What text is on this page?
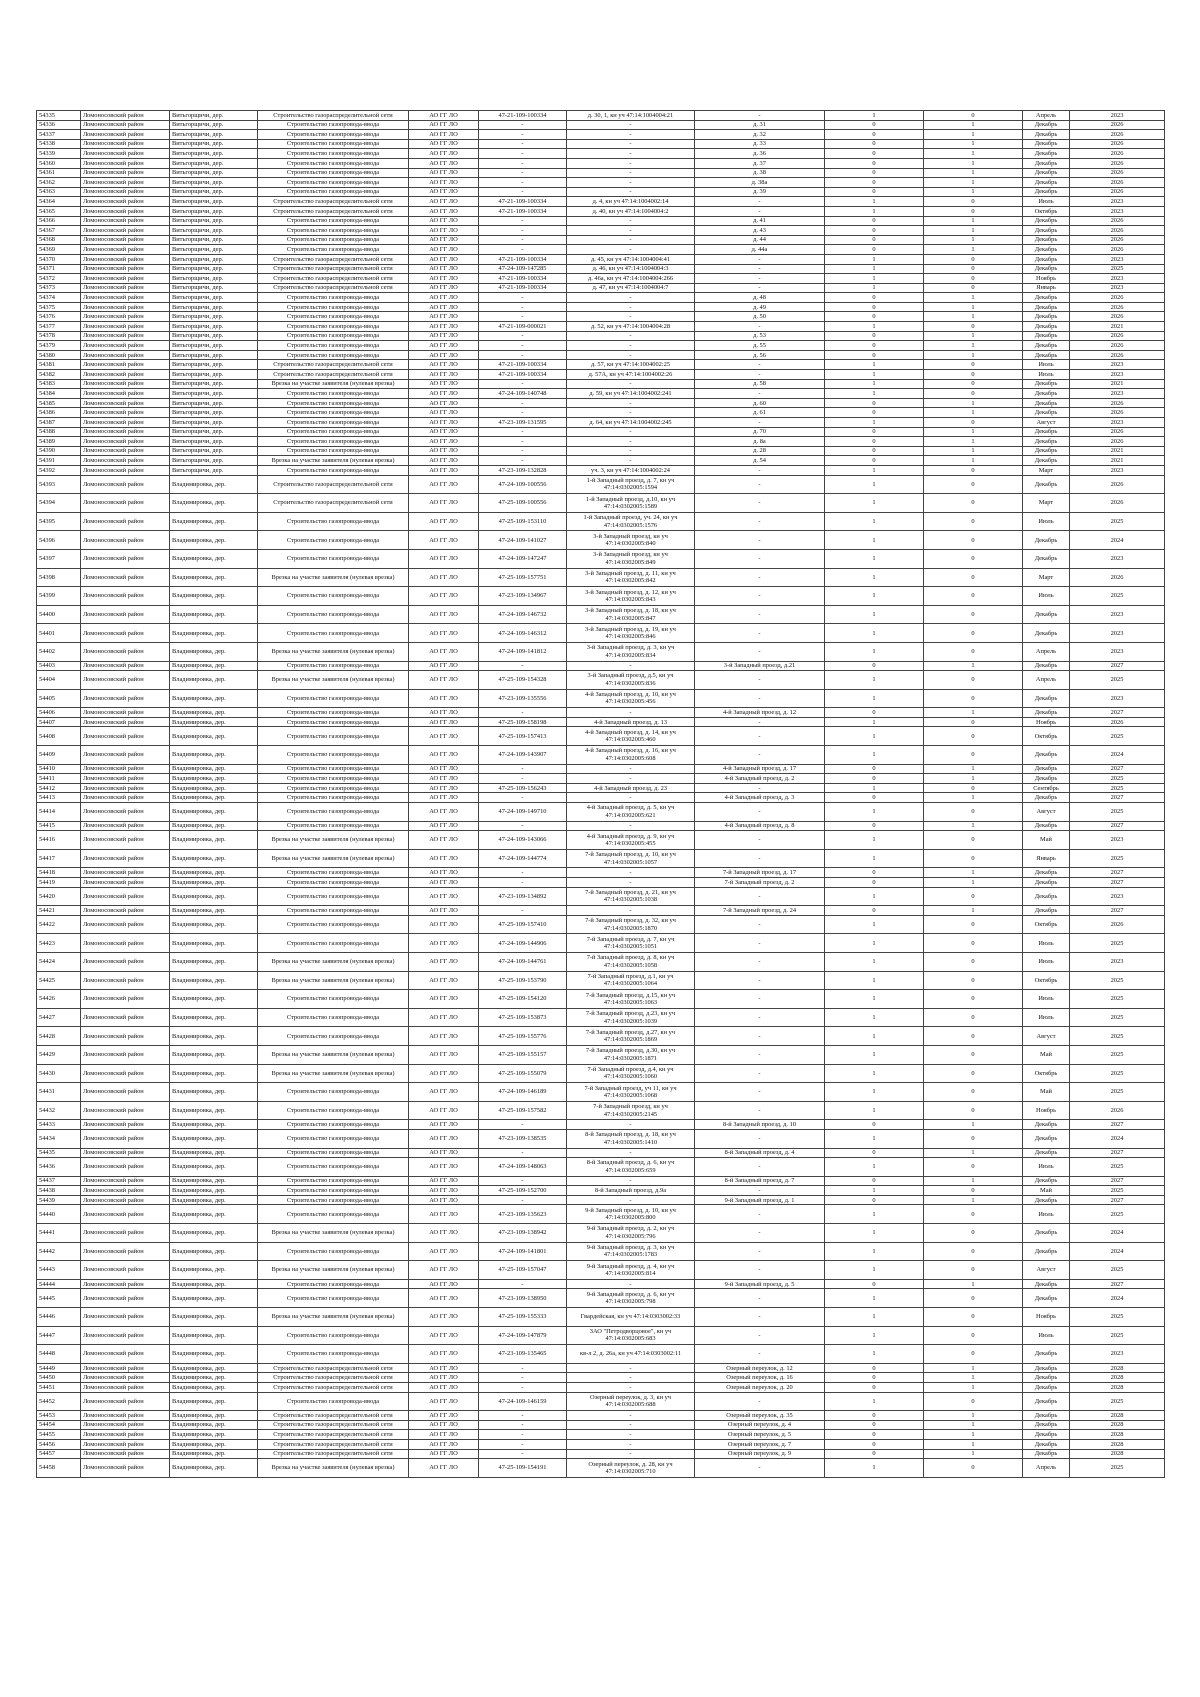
54335	Ломоносовский район	Витьгорщичи, дер.	Строительство газораспределительной сети	АО ГГ ЛО	47-21-109-100334	д. 30, 1, кн уч 47:14:1004004:21	-	1	0	Апрель	2023
54336	Ломоносовский район	Витьгорщичи, дер.	Строительство газопровода-ввода	АО ГГ ЛО	-	-	д. 31	0	1	Декабрь	2026
54337	Ломоносовский район	Витьгорщичи, дер.	Строительство газопровода-ввода	АО ГГ ЛО	-	-	д. 32	0	1	Декабрь	2026
54338	Ломоносовский район	Витьгорщичи, дер.	Строительство газопровода-ввода	АО ГГ ЛО	-	-	д. 33	0	1	Декабрь	2026
54339	Ломоносовский район	Витьгорщичи, дер.	Строительство газопровода-ввода	АО ГГ ЛО	-	-	д. 36	0	1	Декабрь	2026
54360	Ломоносовский район	Витьгорщичи, дер.	Строительство газопровода-ввода	АО ГГ ЛО	-	-	д. 37	0	1	Декабрь	2026
54361	Ломоносовский район	Витьгорщичи, дер.	Строительство газопровода-ввода	АО ГГ ЛО	-	-	д. 38	0	1	Декабрь	2026
54362	Ломоносовский район	Витьгорщичи, дер.	Строительство газопровода-ввода	АО ГГ ЛО	-	-	д. 38а	0	1	Декабрь	2026
54363	Ломоносовский район	Витьгорщичи, дер.	Строительство газопровода-ввода	АО ГГ ЛО	-	-	д. 39	0	1	Декабрь	2026
54364	Ломоносовский район	Витьгорщичи, дер.	Строительство газораспределительной сети	АО ГГ ЛО	47-21-109-100334	д. 4, кн уч 47:14:1004002:14	-	1	0	Июль	2023
54365	Ломоносовский район	Витьгорщичи, дер.	Строительство газораспределительной сети	АО ГГ ЛО	47-21-109-100334	д. 40, кн уч 47:14:1004004:2	-	1	0	Октябрь	2023
54366	Ломоносовский район	Витьгорщичи, дер.	Строительство газопровода-ввода	АО ГГ ЛО	-	-	д. 41	0	1	Декабрь	2026
54367	Ломоносовский район	Витьгорщичи, дер.	Строительство газопровода-ввода	АО ГГ ЛО	-	-	д. 43	0	1	Декабрь	2026
54368	Ломоносовский район	Витьгорщичи, дер.	Строительство газопровода-ввода	АО ГГ ЛО	-	-	д. 44	0	1	Декабрь	2026
54369	Ломоносовский район	Витьгорщичи, дер.	Строительство газопровода-ввода	АО ГГ ЛО	-	-	д. 44а	0	1	Декабрь	2026
54370	Ломоносовский район	Витьгорщичи, дер.	Строительство газораспределительной сети	АО ГГ ЛО	47-21-109-100334	д. 45, кн уч 47:14:1004004:41	-	1	0	Декабрь	2023
54371	Ломоносовский район	Витьгорщичи, дер.	Строительство газораспределительной сети	АО ГГ ЛО	47-24-109-147285	д. 46, кн уч 47:14:1004004:3	-	1	0	Декабрь	2025
54372	Ломоносовский район	Витьгорщичи, дер.	Строительство газораспределительной сети	АО ГГ ЛО	47-21-109-100334	д. 46а, кн уч 47:14:1004004:266	-	1	0	Ноябрь	2023
54373	Ломоносовский район	Витьгорщичи, дер.	Строительство газораспределительной сети	АО ГГ ЛО	47-21-109-100334	д. 47, кн уч 47:14:1004004:7	-	1	0	Январь	2023
54374	Ломоносовский район	Витьгорщичи, дер.	Строительство газопровода-ввода	АО ГГ ЛО	-	-	д. 48	0	1	Декабрь	2026
54375	Ломоносовский район	Витьгорщичи, дер.	Строительство газопровода-ввода	АО ГГ ЛО	-	-	д. 49	0	1	Декабрь	2026
54376	Ломоносовский район	Витьгорщичи, дер.	Строительство газопровода-ввода	АО ГГ ЛО	-	-	д. 50	0	1	Декабрь	2026
54377	Ломоносовский район	Витьгорщичи, дер.	Строительство газопровода-ввода	АО ГГ ЛО	47-21-109-000021	д. 52, кн уч 47:14:1004004:28	-	1	0	Декабрь	2021
54378	Ломоносовский район	Витьгорщичи, дер.	Строительство газопровода-ввода	АО ГГ ЛО	-	-	д. 53	0	1	Декабрь	2026
54379	Ломоносовский район	Витьгорщичи, дер.	Строительство газопровода-ввода	АО ГГ ЛО	-	-	д. 55	0	1	Декабрь	2026
54380	Ломоносовский район	Витьгорщичи, дер.	Строительство газопровода-ввода	АО ГГ ЛО	-	-	д. 56	0	1	Декабрь	2026
54381	Ломоносовский район	Витьгорщичи, дер.	Строительство газораспределительной сети	АО ГГ ЛО	47-21-109-100334	д. 57, кн уч 47:14:1004002:25	-	1	0	Июль	2023
54382	Ломоносовский район	Витьгорщичи, дер.	Строительство газораспределительной сети	АО ГГ ЛО	47-21-109-100334	д. 57А, кн уч 47:14:1004002:26	-	1	0	Июль	2023
54383	Ломоносовский район	Витьгорщичи, дер.	Врезка на участке заявителя (нулевая врезка)	АО ГГ ЛО	-	-	д. 58	1	0	Декабрь	2021
54384	Ломоносовский район	Витьгорщичи, дер.	Строительство газопровода-ввода	АО ГГ ЛО	47-24-109-140748	д. 59, кн уч 47:14:1004002:241	-	1	0	Декабрь	2023
54385	Ломоносовский район	Витьгорщичи, дер.	Строительство газопровода-ввода	АО ГГ ЛО	-	-	д. 60	0	1	Декабрь	2026
54386	Ломоносовский район	Витьгорщичи, дер.	Строительство газопровода-ввода	АО ГГ ЛО	-	-	д. 61	0	1	Декабрь	2026
54387	Ломоносовский район	Витьгорщичи, дер.	Строительство газопровода-ввода	АО ГГ ЛО	47-23-109-131595	д. 64, кн уч 47:14:1004002:245	-	1	0	Август	2023
54388	Ломоносовский район	Витьгорщичи, дер.	Строительство газопровода-ввода	АО ГГ ЛО	-	-	д. 70	0	1	Декабрь	2026
54389	Ломоносовский район	Витьгорщичи, дер.	Строительство газопровода-ввода	АО ГГ ЛО	-	-	д. 8а	0	1	Декабрь	2026
54390	Ломоносовский район	Витьгорщичи, дер.	Строительство газопровода-ввода	АО ГГ ЛО	-	-	д. 28	0	1	Декабрь	2021
54391	Ломоносовский район	Витьгорщичи, дер.	Врезка на участке заявителя (нулевая врезка)	АО ГГ ЛО	-	-	д. 54	0	1	Декабрь	2021
54392	Ломоносовский район	Витьгорщичи, дер.	Строительство газопровода-ввода	АО ГГ ЛО	47-23-109-132828	уч. 3, кн уч 47:14:1004002:24	-	1	0	Март	2023
54393	Ломоносовский район	Владимировка, дер.	Строительство газораспределительной сети	АО ГГ ЛО	47-24-109-100556	1-й Западный проезд, д. 7, кн уч 47:14:0302005:1594	-	1	0	Декабрь	2026
54394	Ломоносовский район	Владимировка, дер.	Строительство газораспределительной сети	АО ГГ ЛО	47-25-109-100556	1-й Западный проезд, д.10, кн уч 47:14:0302005:1589	-	1	0	Март	2026
54395	Ломоносовский район	Владимировка, дер.	Строительство газопровода-ввода	АО ГГ ЛО	47-25-109-153110	1-й Западный проезд, уч. 24, кн уч 47:14:0302005:1576	-	1	0	Июль	2025
54396	Ломоносовский район	Владимировка, дер.	Строительство газопровода-ввода	АО ГГ ЛО	47-24-109-141027	3-й Западный проезд, кн уч 47:14:0302005:840	-	1	0	Декабрь	2024
54397	Ломоносовский район	Владимировка, дер.	Строительство газопровода-ввода	АО ГГ ЛО	47-24-109-147247	3-й Западный проезд, кн уч 47:14:0302005:849	-	1	0	Декабрь	2023
54398	Ломоносовский район	Владимировка, дер.	Врезка на участке заявителя (нулевая врезка)	АО ГГ ЛО	47-25-109-157751	3-й Западный проезд, д. 11, кн уч 47:14:0302005:842	-	1	0	Март	2026
54399	Ломоносовский район	Владимировка, дер.	Строительство газопровода-ввода	АО ГГ ЛО	47-23-109-134967	3-й Западный проезд, д. 12, кн уч 47:14:0302005:843	-	1	0	Июль	2025
54400	Ломоносовский район	Владимировка, дер.	Строительство газопровода-ввода	АО ГГ ЛО	47-24-109-146732	3-й Западный проезд, д. 18, кн уч 47:14:0302005:847	-	1	0	Декабрь	2023
54401	Ломоносовский район	Владимировка, дер.	Строительство газопровода-ввода	АО ГГ ЛО	47-24-109-146312	3-й Западный проезд, д. 19, кн уч 47:14:0302005:846	-	1	0	Декабрь	2023
54402	Ломоносовский район	Владимировка, дер.	Врезка на участке заявителя (нулевая врезка)	АО ГГ ЛО	47-24-109-141812	3-й Западный проезд, д. 3, кн уч 47:14:0302005:834	-	1	0	Апрель	2023
54403	Ломоносовский район	Владимировка, дер.	Строительство газопровода-ввода	АО ГГ ЛО	-	-	3-й Западный проезд, д.21	0	1	Декабрь	2027
54404	Ломоносовский район	Владимировка, дер.	Врезка на участке заявителя (нулевая врезка)	АО ГГ ЛО	47-25-109-154328	3-й Западный проезд, д.5, кн уч 47:14:0302005:836	-	1	0	Апрель	2025
54405	Ломоносовский район	Владимировка, дер.	Строительство газопровода-ввода	АО ГГ ЛО	47-23-109-135556	4-й Западный проезд, д. 10, кн уч 47:14:0302005:456	-	1	0	Декабрь	2023
54406	Ломоносовский район	Владимировка, дер.	Строительство газопровода-ввода	АО ГГ ЛО	-	-	4-й Западный проезд, д. 12	0	1	Декабрь	2027
54407	Ломоносовский район	Владимировка, дер.	Строительство газопровода-ввода	АО ГГ ЛО	47-25-109-158198	4-й Западный проезд, д. 13	-	1	0	Ноябрь	2026
54408	Ломоносовский район	Владимировка, дер.	Строительство газопровода-ввода	АО ГГ ЛО	47-25-109-157413	4-й Западный проезд, д. 14, кн уч 47:14:0302005:460	-	1	0	Октябрь	2025
54409	Ломоносовский район	Владимировка, дер.	Строительство газопровода-ввода	АО ГГ ЛО	47-24-109-143907	4-й Западный проезд, д. 16, кн уч 47:14:0302005:608	-	1	0	Декабрь	2024
54410	Ломоносовский район	Владимировка, дер.	Строительство газопровода-ввода	АО ГГ ЛО	-	-	4-й Западный проезд, д. 17	0	1	Декабрь	2027
54411	Ломоносовский район	Владимировка, дер.	Строительство газопровода-ввода	АО ГГ ЛО	-	-	4-й Западный проезд, д. 2	0	1	Декабрь	2025
54412	Ломоносовский район	Владимировка, дер.	Строительство газопровода-ввода	АО ГГ ЛО	47-25-109-156243	4-й Западный проезд, д. 23	-	1	0	Сентябрь	2025
54413	Ломоносовский район	Владимировка, дер.	Строительство газопровода-ввода	АО ГГ ЛО	-	-	4-й Западный проезд, д. 3	0	1	Декабрь	2027
54414	Ломоносовский район	Владимировка, дер.	Строительство газопровода-ввода	АО ГГ ЛО	47-24-109-149710	4-й Западный проезд, д. 5, кн уч 47:14:0302005:621	-	1	0	Август	2025
54415	Ломоносовский район	Владимировка, дер.	Строительство газопровода-ввода	АО ГГ ЛО	-	-	4-й Западный проезд, д. 8	0	1	Декабрь	2027
54416	Ломоносовский район	Владимировка, дер.	Врезка на участке заявителя (нулевая врезка)	АО ГГ ЛО	47-24-109-143066	4-й Западный проезд, д. 9, кн уч 47:14:0302005:455	-	1	0	Май	2023
54417	Ломоносовский район	Владимировка, дер.	Врезка на участке заявителя (нулевая врезка)	АО ГГ ЛО	47-24-109-144774	7-й Западный проезд, д. 10, кн уч 47:14:0302005:1057	-	1	0	Январь	2025
54418	Ломоносовский район	Владимировка, дер.	Строительство газопровода-ввода	АО ГГ ЛО	-	-	7-й Западный проезд, д. 17	0	1	Декабрь	2027
54419	Ломоносовский район	Владимировка, дер.	Строительство газопровода-ввода	АО ГГ ЛО	-	-	7-й Западный проезд, д. 2	0	1	Декабрь	2027
54420	Ломоносовский район	Владимировка, дер.	Строительство газопровода-ввода	АО ГГ ЛО	47-23-109-134892	7-й Западный проезд, д. 21, кн уч 47:14:0302005:1038	-	1	0	Декабрь	2023
54421	Ломоносовский район	Владимировка, дер.	Строительство газопровода-ввода	АО ГГ ЛО	-	-	7-й Западный проезд, д. 24	0	1	Декабрь	2027
54422	Ломоносовский район	Владимировка, дер.	Строительство газопровода-ввода	АО ГГ ЛО	47-25-109-157410	7-й Западный проезд, д. 32, кн уч 47:14:0302005:1870	-	1	0	Октябрь	2026
54423	Ломоносовский район	Владимировка, дер.	Строительство газопровода-ввода	АО ГГ ЛО	47-24-109-144906	7-й Западный проезд, д. 7, кн уч 47:14:0302005:1051	-	1	0	Июль	2025
54424	Ломоносовский район	Владимировка, дер.	Врезка на участке заявителя (нулевая врезка)	АО ГГ ЛО	47-24-109-144761	7-й Западный проезд, д. 8, кн уч 47:14:0302005:1058	-	1	0	Июль	2023
54425	Ломоносовский район	Владимировка, дер.	Врезка на участке заявителя (нулевая врезка)	АО ГГ ЛО	47-25-109-153790	7-й Западный проезд, д.1, кн уч 47:14:0302005:1064	-	1	0	Октябрь	2025
54426	Ломоносовский район	Владимировка, дер.	Строительство газопровода-ввода	АО ГГ ЛО	47-25-109-154120	7-й Западный проезд, д.15, кн уч 47:14:0302005:1063	-	1	0	Июль	2025
54427	Ломоносовский район	Владимировка, дер.	Строительство газопровода-ввода	АО ГГ ЛО	47-25-109-153873	7-й Западный проезд, д.23, кн уч 47:14:0302005:1039	-	1	0	Июль	2025
54428	Ломоносовский район	Владимировка, дер.	Строительство газопровода-ввода	АО ГГ ЛО	47-25-109-155776	7-й Западный проезд, д.27, кн уч 47:14:0302005:1869	-	1	0	Август	2025
54429	Ломоносовский район	Владимировка, дер.	Врезка на участке заявителя (нулевая врезка)	АО ГГ ЛО	47-25-109-155157	7-й Западный проезд, д.30, кн уч 47:14:0302005:1871	-	1	0	Май	2025
54430	Ломоносовский район	Владимировка, дер.	Врезка на участке заявителя (нулевая врезка)	АО ГГ ЛО	47-25-109-155079	7-й Западный проезд, д.4, кн уч 47:14:0302005:1060	-	1	0	Октябрь	2025
54431	Ломоносовский район	Владимировка, дер.	Строительство газопровода-ввода	АО ГГ ЛО	47-24-109-146189	7-й Западный проезд, уч 11, кн уч 47:14:0302005:1068	-	1	0	Май	2025
54432	Ломоносовский район	Владимировка, дер.	Строительство газопровода-ввода	АО ГГ ЛО	47-25-109-157582	7-й Западный проезд, кн уч 47:14:0302005:2145	-	1	0	Ноябрь	2026
54433	Ломоносовский район	Владимировка, дер.	Строительство газопровода-ввода	АО ГГ ЛО	-	-	8-й Западный проезд, д. 10	0	1	Декабрь	2027
54434	Ломоносовский район	Владимировка, дер.	Строительство газопровода-ввода	АО ГГ ЛО	47-23-109-138535	8-й Западный проезд, д. 18, кн уч 47:14:0302005:1410	-	1	0	Декабрь	2024
54435	Ломоносовский район	Владимировка, дер.	Строительство газопровода-ввода	АО ГГ ЛО	-	-	8-й Западный проезд, д. 4	0	1	Декабрь	2027
54436	Ломоносовский район	Владимировка, дер.	Строительство газопровода-ввода	АО ГГ ЛО	47-24-109-148063	8-й Западный проезд, д. 6, кн уч 47:14:0302005:659	-	1	0	Июль	2025
54437	Ломоносовский район	Владимировка, дер.	Строительство газопровода-ввода	АО ГГ ЛО	-	-	8-й Западный проезд, д. 7	0	1	Декабрь	2027
54438	Ломоносовский район	Владимировка, дер.	Строительство газопровода-ввода	АО ГГ ЛО	47-25-109-152700	8-й Западный проезд, д.9а	-	1	0	Май	2025
54439	Ломоносовский район	Владимировка, дер.	Строительство газопровода-ввода	АО ГГ ЛО	-	-	9-й Западный проезд, д. 1	0	1	Декабрь	2027
54440	Ломоносовский район	Владимировка, дер.	Строительство газопровода-ввода	АО ГГ ЛО	47-23-109-135623	9-й Западный проезд, д. 10, кн уч 47:14:0302005:800	-	1	0	Июль	2025
54441	Ломоносовский район	Владимировка, дер.	Врезка на участке заявителя (нулевая врезка)	АО ГГ ЛО	47-23-109-138942	9-й Западный проезд, д. 2, кн уч 47:14:0302005:796	-	1	0	Декабрь	2024
54442	Ломоносовский район	Владимировка, дер.	Строительство газопровода-ввода	АО ГГ ЛО	47-24-109-141801	9-й Западный проезд, д. 3, кн уч 47:14:0302005:1783	-	1	0	Декабрь	2024
54443	Ломоносовский район	Владимировка, дер.	Врезка на участке заявителя (нулевая врезка)	АО ГГ ЛО	47-25-109-157047	9-й Западный проезд, д. 4, кн уч 47:14:0302005:814	-	1	0	Август	2025
54444	Ломоносовский район	Владимировка, дер.	Строительство газопровода-ввода	АО ГГ ЛО	-	-	9-й Западный проезд, д. 5	0	1	Декабрь	2027
54445	Ломоносовский район	Владимировка, дер.	Строительство газопровода-ввода	АО ГГ ЛО	47-23-109-138950	9-й Западный проезд, д. 6, кн уч 47:14:0302005:798	-	1	0	Декабрь	2024
54446	Ломоносовский район	Владимировка, дер.	Врезка на участке заявителя (нулевая врезка)	АО ГГ ЛО	47-25-109-155333	Гвардейская, кн уч 47:14:0303002:33	-	1	0	Ноябрь	2025
54447	Ломоносовский район	Владимировка, дер.	Строительство газопровода-ввода	АО ГГ ЛО	47-24-109-147879	ЗАО "Петродворцовое", кн уч 47:14:0302005:683	-	1	0	Июль	2025
54448	Ломоносовский район	Владимировка, дер.	Строительство газопровода-ввода	АО ГГ ЛО	47-23-109-135465	кв-л 2, д. 26а, кн уч 47:14:0303002:11	-	1	0	Декабрь	2023
54449	Ломоносовский район	Владимировка, дер.	Строительство газораспределительной сети	АО ГГ ЛО	-	-	Озерный переулок, д. 12	0	1	Декабрь	2028
54450	Ломоносовский район	Владимировка, дер.	Строительство газораспределительной сети	АО ГГ ЛО	-	-	Озерный переулок, д. 16	0	1	Декабрь	2028
54451	Ломоносовский район	Владимировка, дер.	Строительство газораспределительной сети	АО ГГ ЛО	-	-	Озерный переулок, д. 20	0	1	Декабрь	2028
54452	Ломоносовский район	Владимировка, дер.	Строительство газопровода-ввода	АО ГГ ЛО	47-24-109-146159	Озерный переулок, д. 3, кн уч 47:14:0302005:688	-	1	0	Декабрь	2025
54453	Ломоносовский район	Владимировка, дер.	Строительство газораспределительной сети	АО ГГ ЛО	-	-	Озерный переулок, д. 35	0	1	Декабрь	2028
54454	Ломоносовский район	Владимировка, дер.	Строительство газораспределительной сети	АО ГГ ЛО	-	-	Озерный переулок, д. 4	0	1	Декабрь	2028
54455	Ломоносовский район	Владимировка, дер.	Строительство газораспределительной сети	АО ГГ ЛО	-	-	Озерный переулок, д. 5	0	1	Декабрь	2028
54456	Ломоносовский район	Владимировка, дер.	Строительство газораспределительной сети	АО ГГ ЛО	-	-	Озерный переулок, д. 7	0	1	Декабрь	2028
54457	Ломоносовский район	Владимировка, дер.	Строительство газораспределительной сети	АО ГГ ЛО	-	-	Озерный переулок, д. 9	0	1	Декабрь	2028
54458	Ломоносовский район	Владимировка, дер.	Врезка на участке заявителя (нулевая врезка)	АО ГГ ЛО	47-25-109-154191	Озерный переулок, д. 28, кн уч 47:14:0302005:710	-	1	0	Апрель	2025
